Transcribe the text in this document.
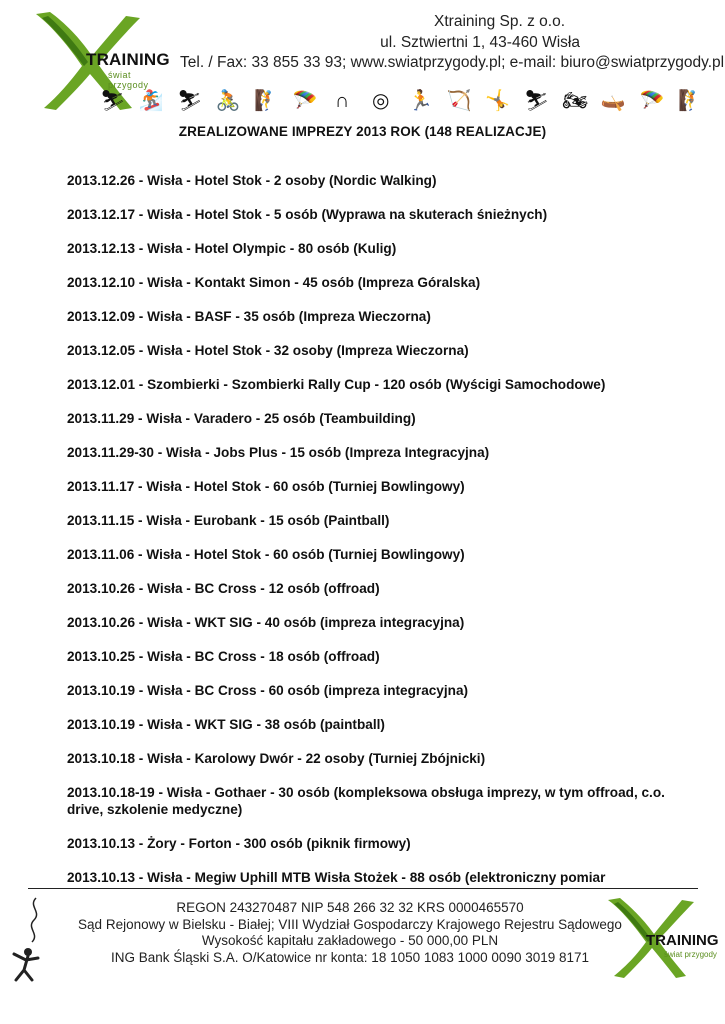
TRAINING
świat przygody
Xtraining Sp. z o.o.
ul. Sztwiertni 1, 43-460 Wisła
Tel. / Fax: 33 855 33 93; www.swiatprzygody.pl; e-mail: biuro@swiatprzygody.pl
⛷ 🏂 ⛷ 🚴 🧗 🪂 ∩ ◎ 🏃 🏹 🤸 ⛷ 🏍 🛶 🪂 🧗
ZREALIZOWANE IMPREZY 2013 ROK (148 REALIZACJE)
2013.12.26 - Wisła - Hotel Stok - 2 osoby (Nordic Walking)
2013.12.17 - Wisła - Hotel Stok - 5 osób (Wyprawa na skuterach śnieżnych)
2013.12.13 - Wisła - Hotel Olympic - 80 osób (Kulig)
2013.12.10 - Wisła - Kontakt Simon - 45 osób (Impreza Góralska)
2013.12.09 - Wisła - BASF - 35 osób (Impreza Wieczorna)
2013.12.05 - Wisła - Hotel Stok - 32 osoby (Impreza Wieczorna)
2013.12.01 - Szombierki - Szombierki Rally Cup - 120 osób (Wyścigi Samochodowe)
2013.11.29 - Wisła - Varadero - 25 osób (Teambuilding)
2013.11.29-30 - Wisła - Jobs Plus - 15 osób (Impreza Integracyjna)
2013.11.17 - Wisła - Hotel Stok - 60 osób (Turniej Bowlingowy)
2013.11.15 - Wisła - Eurobank - 15 osób (Paintball)
2013.11.06 - Wisła - Hotel Stok - 60 osób (Turniej Bowlingowy)
2013.10.26 - Wisła - BC Cross - 12 osób (offroad)
2013.10.26 - Wisła - WKT SIG - 40 osób (impreza integracyjna)
2013.10.25 - Wisła - BC Cross - 18 osób (offroad)
2013.10.19 - Wisła - BC Cross - 60 osób (impreza integracyjna)
2013.10.19 - Wisła - WKT SIG - 38 osób (paintball)
2013.10.18 - Wisła - Karolowy Dwór - 22 osoby (Turniej Zbójnicki)
2013.10.18-19 - Wisła - Gothaer - 30 osób (kompleksowa obsługa imprezy, w tym offroad, c.o. drive, szkolenie medyczne)
2013.10.13 - Żory - Forton - 300 osób (piknik firmowy)
2013.10.13 - Wisła - Megiw Uphill MTB Wisła Stożek - 88 osób (elektroniczny pomiar
REGON 243270487 NIP 548 266 32 32 KRS 0000465570
Sąd Rejonowy w Bielsku - Białej; VIII Wydział Gospodarczy Krajowego Rejestru Sądowego
Wysokość kapitału zakładowego - 50 000,00 PLN
ING Bank Śląski S.A. O/Katowice nr konta: 18 1050 1083 1000 0090 3019 8171
TRAINING
świat przygody
